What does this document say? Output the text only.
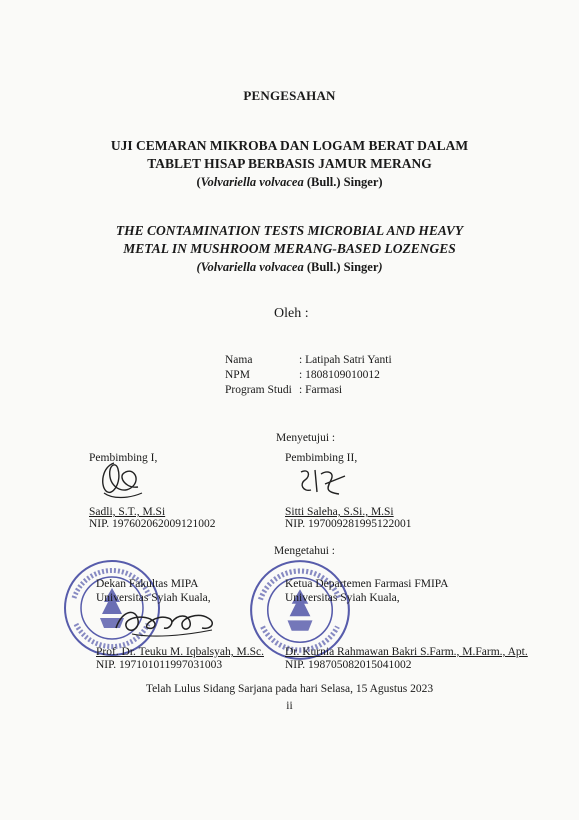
PENGESAHAN
UJI CEMARAN MIKROBA DAN LOGAM BERAT DALAM
TABLET HISAP BERBASIS JAMUR MERANG
(Volvariella volvacea (Bull.) Singer)
THE CONTAMINATION TESTS MICROBIAL AND HEAVY
METAL IN MUSHROOM MERANG-BASED LOZENGES
(Volvariella volvacea (Bull.) Singer)
Oleh :
Nama	: Latipah Satri Yanti
NPM	: 1808109010012
Program Studi : Farmasi
Menyetujui :
Pembimbing I,
Sadli, S.T., M.Si
NIP. 197602062009121002
Pembimbing II,
Sitti Saleha, S.Si., M.Si
NIP. 197009281995122001
Mengetahui :
Dekan Fakultas MIPA
Universitas Syiah Kuala,
Prof. Dr. Teuku M. Iqbalsyah, M.Sc.
NIP. 197101011997031003
Ketua Departemen Farmasi FMIPA
Universitas Syiah Kuala,
Dr. Kurnia Rahmawan Bakri S.Farm., M.Farm., Apt.
NIP. 198705082015041002
Telah Lulus Sidang Sarjana pada hari Selasa, 15 Agustus 2023
ii
